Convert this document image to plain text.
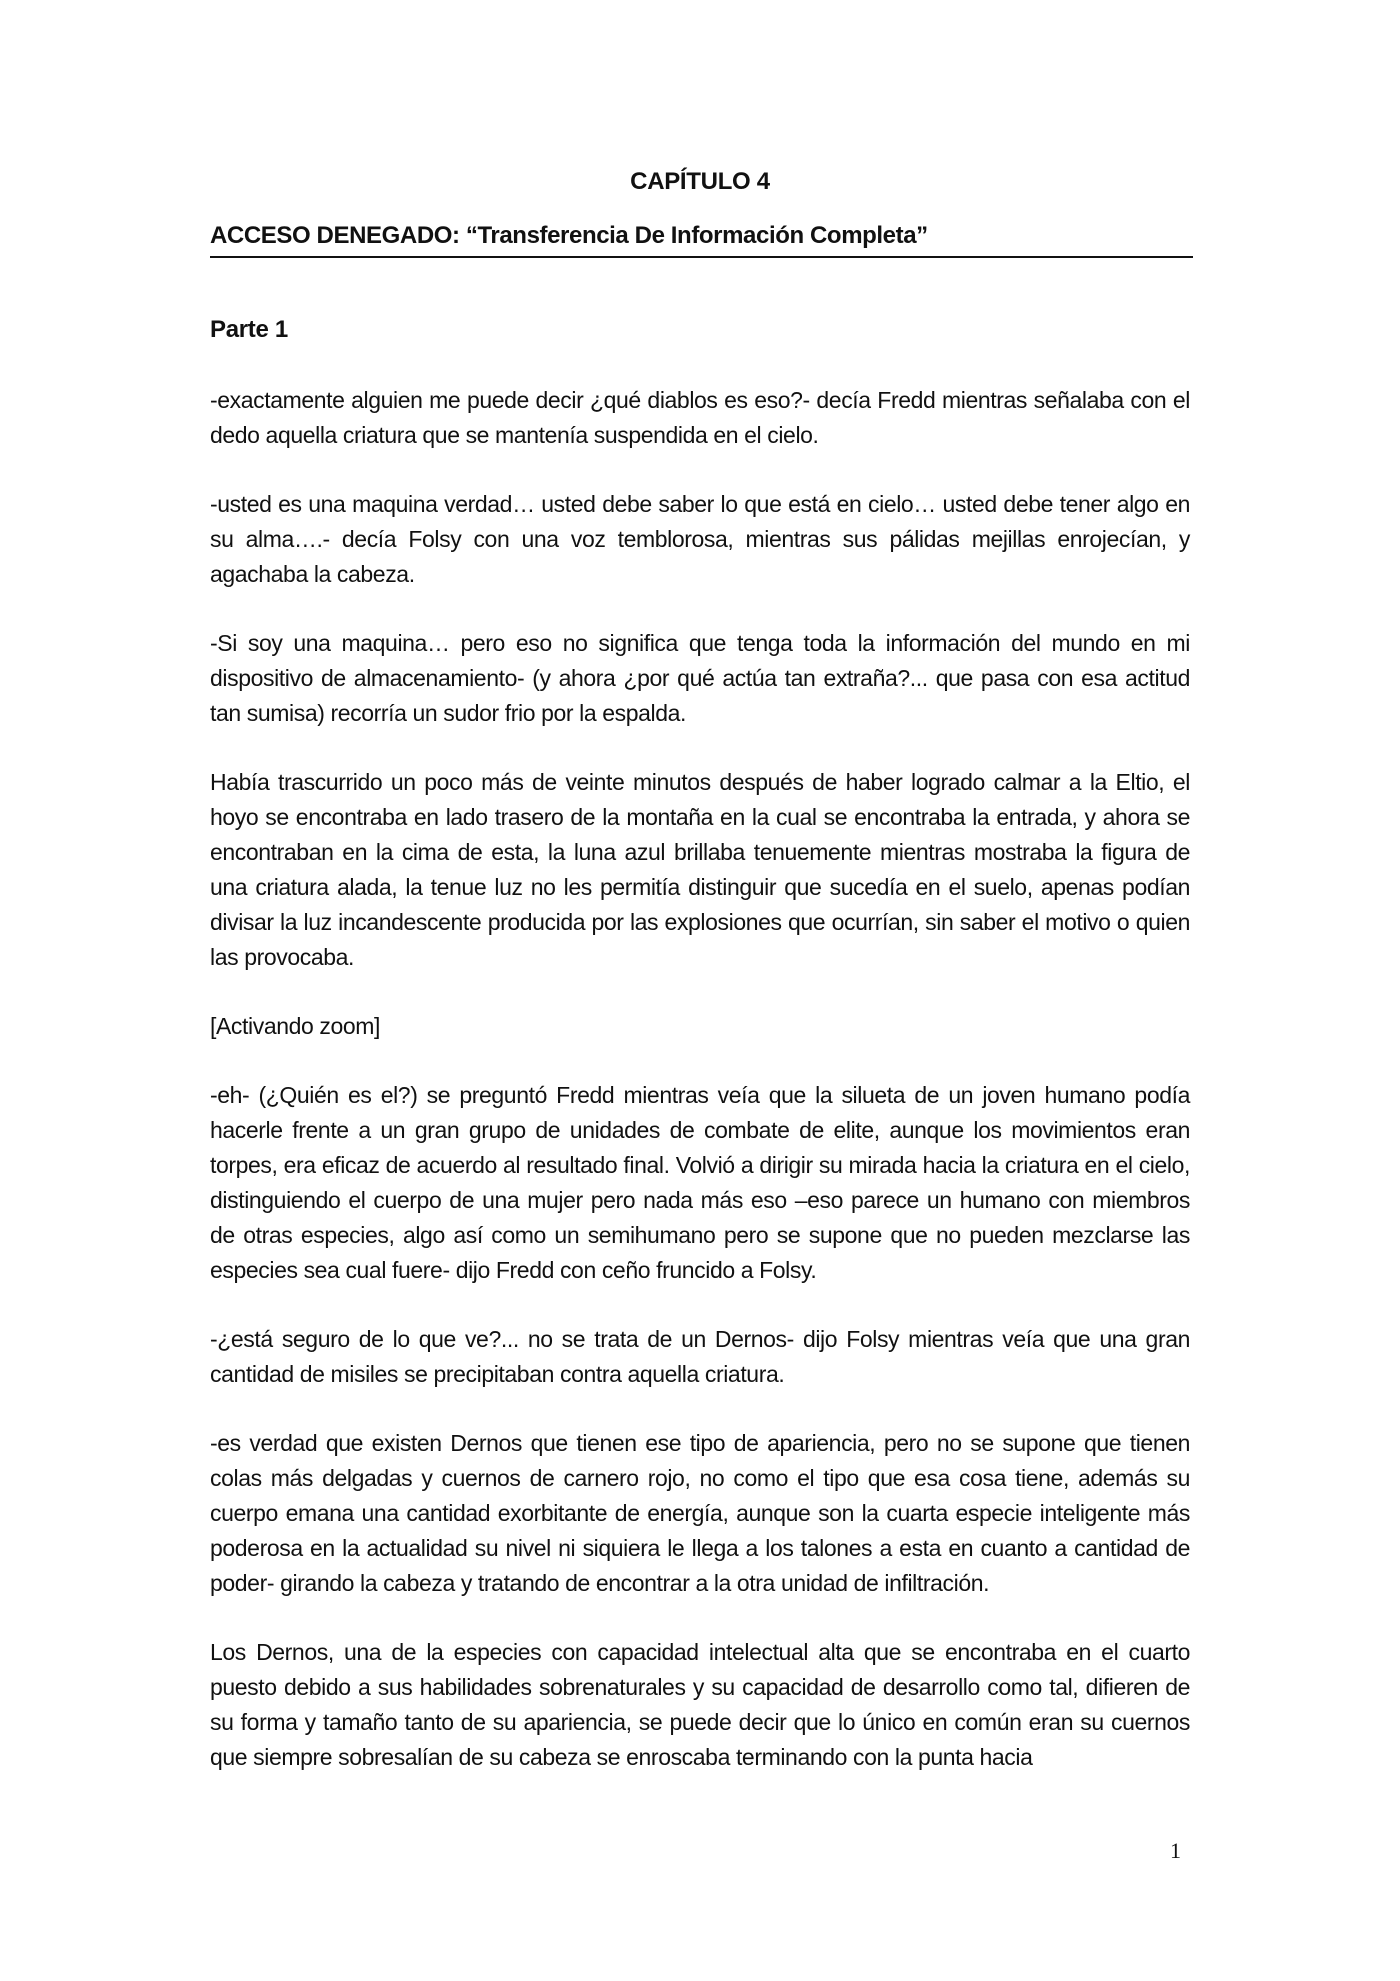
CAPÍTULO 4
ACCESO DENEGADO: “Transferencia De Información Completa”
Parte 1

-exactamente alguien me puede decir ¿qué diablos es eso?- decía Fredd mientras señalaba con el dedo aquella criatura que se mantenía suspendida en el cielo.

-usted es una maquina verdad… usted debe saber lo que está en cielo… usted debe tener algo en su alma….- decía Folsy con una voz temblorosa, mientras sus pálidas mejillas enrojecían, y agachaba la cabeza.

-Si soy una maquina… pero eso no significa que tenga toda la información del mundo en mi dispositivo de almacenamiento- (y ahora ¿por qué actúa tan extraña?... que pasa con esa actitud tan sumisa) recorría un sudor frio por la espalda.

Había trascurrido un poco más de veinte minutos después de haber logrado calmar a la Eltio, el hoyo se encontraba en lado trasero de la montaña en la cual se encontraba la entrada, y ahora se encontraban en la cima de esta, la luna azul brillaba tenuemente mientras mostraba la figura de una criatura alada, la tenue luz no les permitía distinguir que sucedía en el suelo, apenas podían divisar la luz incandescente producida por las explosiones que ocurrían, sin saber el motivo o quien las provocaba.

[Activando zoom]

-eh- (¿Quién es el?) se preguntó Fredd mientras veía que la silueta de un joven humano podía hacerle frente a un gran grupo de unidades de combate de elite, aunque los movimientos eran torpes, era eficaz de acuerdo al resultado final. Volvió a dirigir su mirada hacia la criatura en el cielo, distinguiendo el cuerpo de una mujer pero nada más eso –eso parece un humano con miembros de otras especies, algo así como un semihumano pero se supone que no pueden mezclarse las especies sea cual fuere- dijo Fredd con ceño fruncido a Folsy.

-¿está seguro de lo que ve?... no se trata de un Dernos- dijo Folsy mientras veía que una gran cantidad de misiles se precipitaban contra aquella criatura.

-es verdad que existen Dernos que tienen ese tipo de apariencia, pero no se supone que tienen colas más delgadas y cuernos de carnero rojo, no como el tipo que esa cosa tiene, además su cuerpo emana una cantidad exorbitante de energía, aunque son la cuarta especie inteligente más poderosa en la actualidad su nivel ni siquiera le llega a los talones a esta en cuanto a cantidad de poder- girando la cabeza y tratando de encontrar a la otra unidad de infiltración.

Los Dernos, una de la especies con capacidad intelectual alta que se encontraba en el cuarto puesto debido a sus habilidades sobrenaturales y su capacidad de desarrollo como tal, difieren de su forma y tamaño tanto de su apariencia, se puede decir que lo único en común eran su cuernos que siempre sobresalían de su cabeza se enroscaba terminando con la punta hacia

1
